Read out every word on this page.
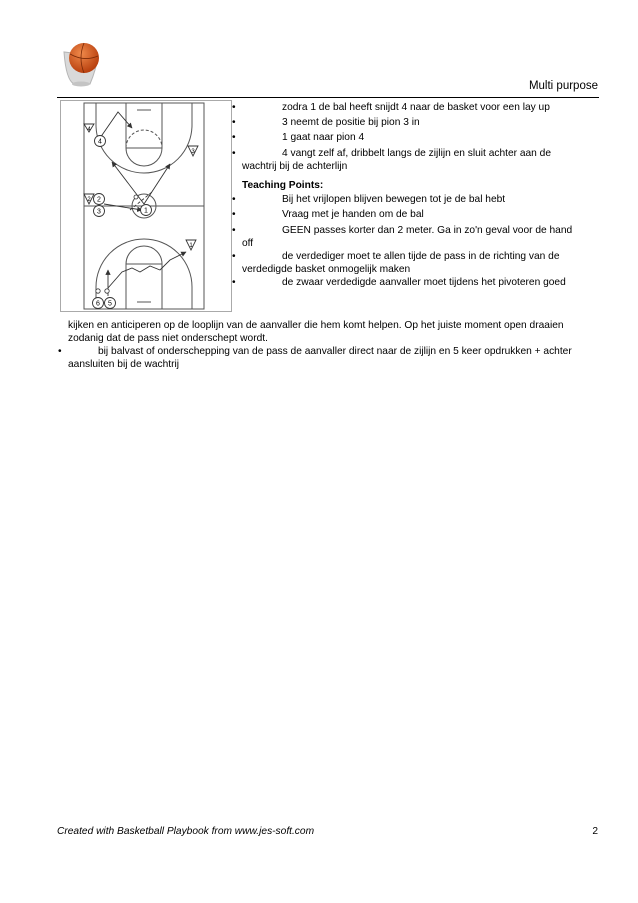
Multi purpose
4
3
2
1
4
2
3	1
6 5
•	zodra 1 de bal heeft snijdt 4 naar de basket voor een lay up
•	3 neemt de positie bij pion 3 in
•	1 gaat naar pion 4
•	4 vangt zelf af, dribbelt langs de zijlijn en sluit achter aan de
wachtrij bij de achterlijn
Teaching Points:
•	Bij het vrijlopen blijven bewegen tot je de bal hebt
•	Vraag met je handen om de bal
•	GEEN passes korter dan 2 meter. Ga in zo'n geval voor de hand
off
•	de verdediger moet te allen tijde de pass in de richting van de
verdedigde basket onmogelijk maken
•	de zwaar verdedigde aanvaller moet tijdens het pivoteren goed
kijken en anticiperen op de looplijn van de aanvaller die hem komt helpen. Op het juiste moment open draaien
zodanig dat de pass niet onderschept wordt.
•	bij balvast of onderschepping van de pass de aanvaller direct naar de zijlijn en 5 keer opdrukken + achter
aansluiten bij de wachtrij
Created with Basketball Playbook from www.jes-soft.com	2
